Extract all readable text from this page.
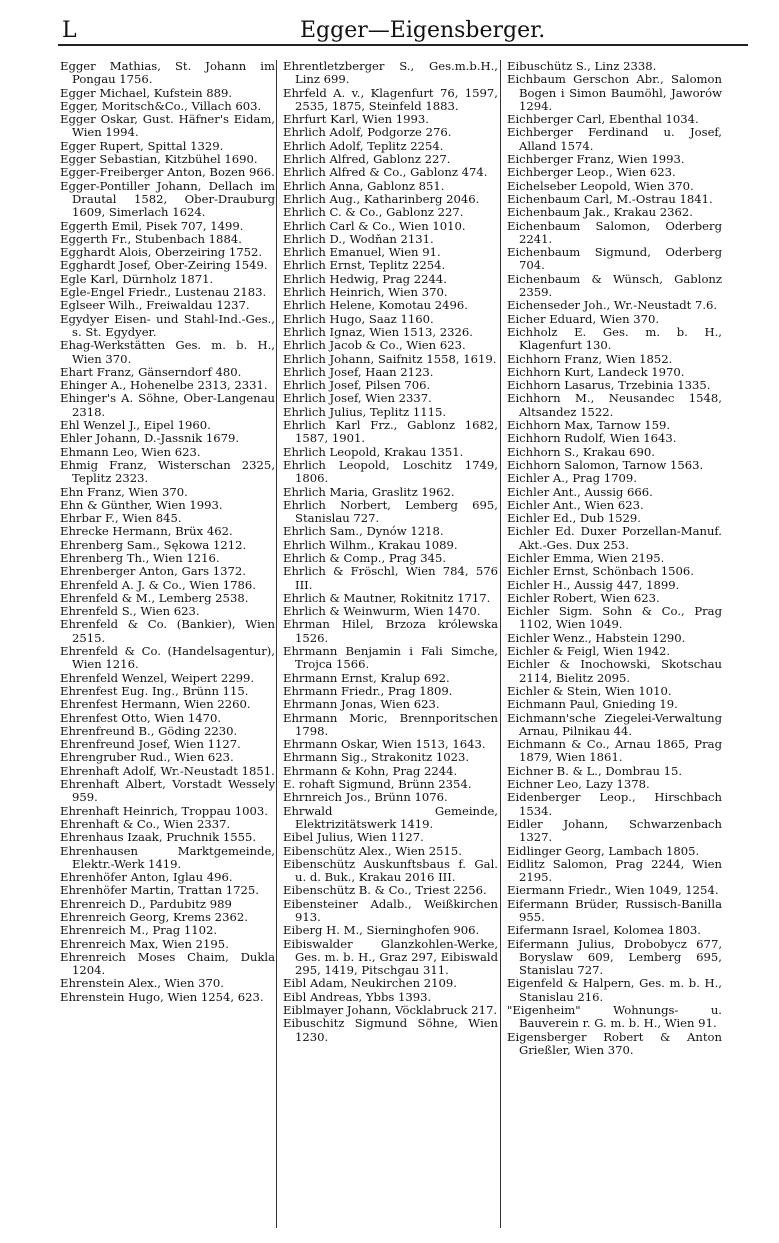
L	Egger—Eigensberger.

Egger Mathias, St. Johann im Pongau 1756.

Egger Michael, Kufstein 889.

Egger, Moritsch&Co., Villach 603.

Egger Oskar, Gust. Häfner's Eidam, Wien 1994.

Egger Rupert, Spittal 1329.

Egger Sebastian, Kitzbühel 1690.

Egger-Freiberger Anton, Bozen 966.

Egger-Pontiller Johann, Dellach im Drautal 1582, Ober-Drauburg 1609, Simerlach 1624.

Eggerth Emil, Pisek 707, 1499.

Eggerth Fr., Stubenbach 1884.

Egghardt Alois, Oberzeiring 1752.

Egghardt Josef, Ober-Zeiring 1549.

Egle Karl, Dürnholz 1871.

Egle-Engel Friedr., Lustenau 2183.

Eglseer Wilh., Freiwaldau 1237.

Egydyer Eisen- und Stahl-Ind.-Ges., s. St. Egydyer.

Ehag-Werkstätten Ges. m. b. H., Wien 370.

Ehart Franz, Gänserndorf 480.

Ehinger A., Hohenelbe 2313, 2331.

Ehinger's A. Söhne, Ober-Langenau 2318.

Ehl Wenzel J., Eipel 1960.

Ehler Johann, D.-Jassnik 1679.

Ehmann Leo, Wien 623.

Ehmig Franz, Wisterschan 2325, Teplitz 2323.

Ehn Franz, Wien 370.

Ehn & Günther, Wien 1993.

Ehrbar F., Wien 845.

Ehrecke Hermann, Brüx 462.

Ehrenberg Sam., Sękowa 1212.

Ehrenberg Th., Wien 1216.

Ehrenberger Anton, Gars 1372.

Ehrenfeld A. J. & Co., Wien 1786.

Ehrenfeld & M., Lemberg 2538.

Ehrenfeld S., Wien 623.

Ehrenfeld & Co. (Bankier), Wien 2515.

Ehrenfeld & Co. (Handelsagentur), Wien 1216.

Ehrenfeld Wenzel, Weipert 2299.

Ehrenfest Eug. Ing., Brünn 115.

Ehrenfest Hermann, Wien 2260.

Ehrenfest Otto, Wien 1470.

Ehrenfreund B., Göding 2230.

Ehrenfreund Josef, Wien 1127.

Ehrengruber Rud., Wien 623.

Ehrenhaft Adolf, Wr.-Neustadt 1851.

Ehrenhaft Albert, Vorstadt Wessely 959.

Ehrenhaft Heinrich, Troppau 1003.

Ehrenhaft & Co., Wien 2337.

Ehrenhaus Izaak, Pruchnik 1555.

Ehrenhausen Marktgemeinde, Elektr.-Werk 1419.

Ehrenhöfer Anton, Iglau 496.

Ehrenhöfer Martin, Trattan 1725.

Ehrenreich D., Pardubitz 989

Ehrenreich Georg, Krems 2362.

Ehrenreich M., Prag 1102.

Ehrenreich Max, Wien 2195.

Ehrenreich Moses Chaim, Dukla 1204.

Ehrenstein Alex., Wien 370.

Ehrenstein Hugo, Wien 1254, 623.

Ehrentletzberger S., Ges.m.b.H., Linz 699.

Ehrfeld A. v., Klagenfurt 76, 1597, 2535, 1875, Steinfeld 1883.

Ehrfurt Karl, Wien 1993.

Ehrlich Adolf, Podgorze 276.

Ehrlich Adolf, Teplitz 2254.

Ehrlich Alfred, Gablonz 227.

Ehrlich Alfred & Co., Gablonz 474.

Ehrlich Anna, Gablonz 851.

Ehrlich Aug., Katharinberg 2046.

Ehrlich C. & Co., Gablonz 227.

Ehrlich Carl & Co., Wien 1010.

Ehrlich D., Wodňan 2131.

Ehrlich Emanuel, Wien 91.

Ehrlich Ernst, Teplitz 2254.

Ehrlich Hedwig, Prag 2244.

Ehrlich Heinrich, Wien 370.

Ehrlich Helene, Komotau 2496.

Ehrlich Hugo, Saaz 1160.

Ehrlich Ignaz, Wien 1513, 2326.

Ehrlich Jacob & Co., Wien 623.

Ehrlich Johann, Saifnitz 1558, 1619.

Ehrlich Josef, Haan 2123.

Ehrlich Josef, Pilsen 706.

Ehrlich Josef, Wien 2337.

Ehrlich Julius, Teplitz 1115.

Ehrlich Karl Frz., Gablonz 1682, 1587, 1901.

Ehrlich Leopold, Krakau 1351.

Ehrlich Leopold, Loschitz 1749, 1806.

Ehrlich Maria, Graslitz 1962.

Ehrlich Norbert, Lemberg 695, Stanislau 727.

Ehrlich Sam., Dynów 1218.

Ehrlich Wilhm., Krakau 1089.

Ehrlich & Comp., Prag 345.

Ehrlich & Fröschl, Wien 784, 576 III.

Ehrlich & Mautner, Rokitnitz 1717.

Ehrlich & Weinwurm, Wien 1470.

Ehrman Hilel, Brzoza królewska 1526.

Ehrmann Benjamin i Fali Simche, Trojca 1566.

Ehrmann Ernst, Kralup 692.

Ehrmann Friedr., Prag 1809.

Ehrmann Jonas, Wien 623.

Ehrmann Moric, Brennporitschen 1798.

Ehrmann Oskar, Wien 1513, 1643.

Ehrmann Sig., Strakonitz 1023.

Ehrmann & Kohn, Prag 2244.

E. rohaft Sigmund, Brünn 2354.

Ehrnreich Jos., Brünn 1076.

Ehrwald Gemeinde, Elektrizitätswerk 1419.

Eibel Julius, Wien 1127.

Eibenschütz Alex., Wien 2515.

Eibenschütz Auskunftsbaus f. Gal. u. d. Buk., Krakau 2016 III.

Eibenschütz B. & Co., Triest 2256.

Eibensteiner Adalb., Weißkirchen 913.

Eiberg H. M., Sierninghofen 906.

Eibiswalder Glanzkohlen-Werke, Ges. m. b. H., Graz 297, Eibiswald 295, 1419, Pitschgau 311.

Eibl Adam, Neukirchen 2109.

Eibl Andreas, Ybbs 1393.

Eiblmayer Johann, Vöcklabruck 217.

Eibuschitz Sigmund Söhne, Wien 1230.

Eibuschütz S., Linz 2338.

Eichbaum Gerschon Abr., Salomon Bogen i Simon Baumöhl, Jaworów 1294.

Eichberger Carl, Ebenthal 1034.

Eichberger Ferdinand u. Josef, Alland 1574.

Eichberger Franz, Wien 1993.

Eichberger Leop., Wien 623.

Eichelseber Leopold, Wien 370.

Eichenbaum Carl, M.-Ostrau 1841.

Eichenbaum Jak., Krakau 2362.

Eichenbaum Salomon, Oderberg 2241.

Eichenbaum Sigmund, Oderberg 704.

Eichenbaum & Wünsch, Gablonz 2359.

Eichenseder Joh., Wr.-Neustadt 7.6.

Eicher Eduard, Wien 370.

Eichholz E. Ges. m. b. H., Klagenfurt 130.

Eichhorn Franz, Wien 1852.

Eichhorn Kurt, Landeck 1970.

Eichhorn Lasarus, Trzebinia 1335.

Eichhorn M., Neusandec 1548, Altsandez 1522.

Eichhorn Max, Tarnow 159.

Eichhorn Rudolf, Wien 1643.

Eichhorn S., Krakau 690.

Eichhorn Salomon, Tarnow 1563.

Eichler A., Prag 1709.

Eichler Ant., Aussig 666.

Eichler Ant., Wien 623.

Eichler Ed., Dub 1529.

Eichler Ed. Duxer Porzellan-Manuf. Akt.-Ges. Dux 253.

Eichler Emma, Wien 2195.

Eichler Ernst, Schönbach 1506.

Eichler H., Aussig 447, 1899.

Eichler Robert, Wien 623.

Eichler Sigm. Sohn & Co., Prag 1102, Wien 1049.

Eichler Wenz., Habstein 1290.

Eichler & Feigl, Wien 1942.

Eichler & Inochowski, Skotschau 2114, Bielitz 2095.

Eichler & Stein, Wien 1010.

Eichmann Paul, Gnieding 19.

Eichmann'sche Ziegelei-Verwaltung Arnau, Pilnikau 44.

Eichmann & Co., Arnau 1865, Prag 1879, Wien 1861.

Eichner B. & L., Dombrau 15.

Eichner Leo, Lazy 1378.

Eidenberger Leop., Hirschbach 1534.

Eidler Johann, Schwarzenbach 1327.

Eidlinger Georg, Lambach 1805.

Eidlitz Salomon, Prag 2244, Wien 2195.

Eiermann Friedr., Wien 1049, 1254.

Eifermann Brüder, Russisch-Banilla 955.

Eifermann Israel, Kolomea 1803.

Eifermann Julius, Drobobycz 677, Boryslaw 609, Lemberg 695, Stanislau 727.

Eigenfeld & Halpern, Ges. m. b. H., Stanislau 216.

"Eigenheim" Wohnungs- u. Bauverein r. G. m. b. H., Wien 91.

Eigensberger Robert & Anton Grießler, Wien 370.
